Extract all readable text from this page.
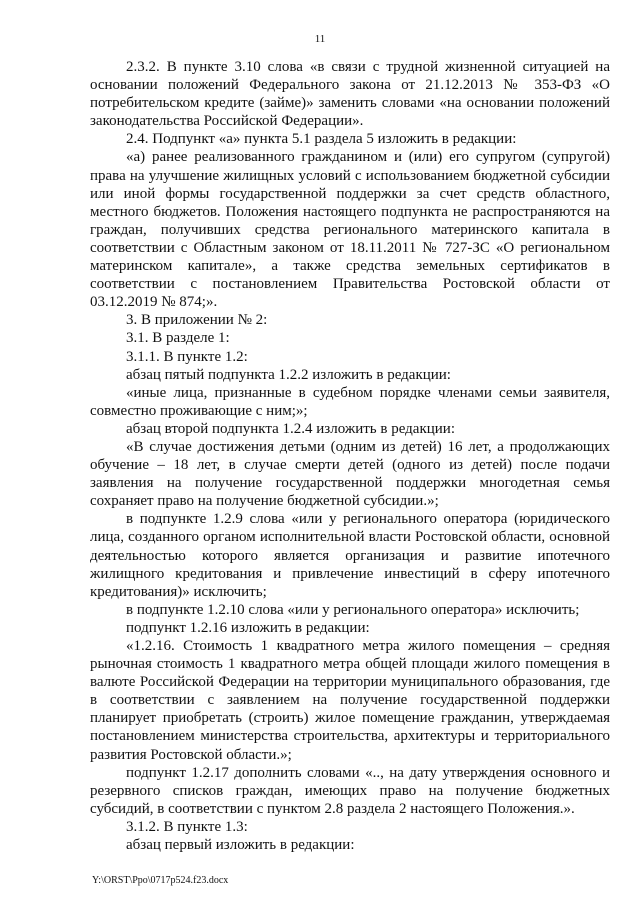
11

2.3.2. В пункте 3.10 слова «в связи с трудной жизненной ситуацией на основании положений Федерального закона от 21.12.2013 № 353-ФЗ «О потребительском кредите (займе)» заменить словами «на основании положений законодательства Российской Федерации».

2.4. Подпункт «а» пункта 5.1 раздела 5 изложить в редакции:

«а) ранее реализованного гражданином и (или) его супругом (супругой) права на улучшение жилищных условий с использованием бюджетной субсидии или иной формы государственной поддержки за счет средств областного, местного бюджетов. Положения настоящего подпункта не распространяются на граждан, получивших средства регионального материнского капитала в соответствии с Областным законом от 18.11.2011 № 727-ЗС «О региональном материнском капитале», а также средства земельных сертификатов в соответствии с постановлением Правительства Ростовской области от 03.12.2019 № 874;».

3. В приложении № 2:

3.1. В разделе 1:

3.1.1. В пункте 1.2:

абзац пятый подпункта 1.2.2 изложить в редакции:

«иные лица, признанные в судебном порядке членами семьи заявителя, совместно проживающие с ним;»;

абзац второй подпункта 1.2.4 изложить в редакции:

«В случае достижения детьми (одним из детей) 16 лет, а продолжающих обучение – 18 лет, в случае смерти детей (одного из детей) после подачи заявления на получение государственной поддержки многодетная семья сохраняет право на получение бюджетной субсидии.»;

в подпункте 1.2.9 слова «или у регионального оператора (юридического лица, созданного органом исполнительной власти Ростовской области, основной деятельностью которого является организация и развитие ипотечного жилищного кредитования и привлечение инвестиций в сферу ипотечного кредитования)» исключить;

в подпункте 1.2.10 слова «или у регионального оператора» исключить;

подпункт 1.2.16 изложить в редакции:

«1.2.16. Стоимость 1 квадратного метра жилого помещения – средняя рыночная стоимость 1 квадратного метра общей площади жилого помещения в валюте Российской Федерации на территории муниципального образования, где в соответствии с заявлением на получение государственной поддержки планирует приобретать (строить) жилое помещение гражданин, утверждаемая постановлением министерства строительства, архитектуры и территориального развития Ростовской области.»;

подпункт 1.2.17 дополнить словами «.., на дату утверждения основного и резервного списков граждан, имеющих право на получение бюджетных субсидий, в соответствии с пунктом 2.8 раздела 2 настоящего Положения.».

3.1.2. В пункте 1.3:

абзац первый изложить в редакции:

Y:\ORST\Ppo\0717p524.f23.docx
